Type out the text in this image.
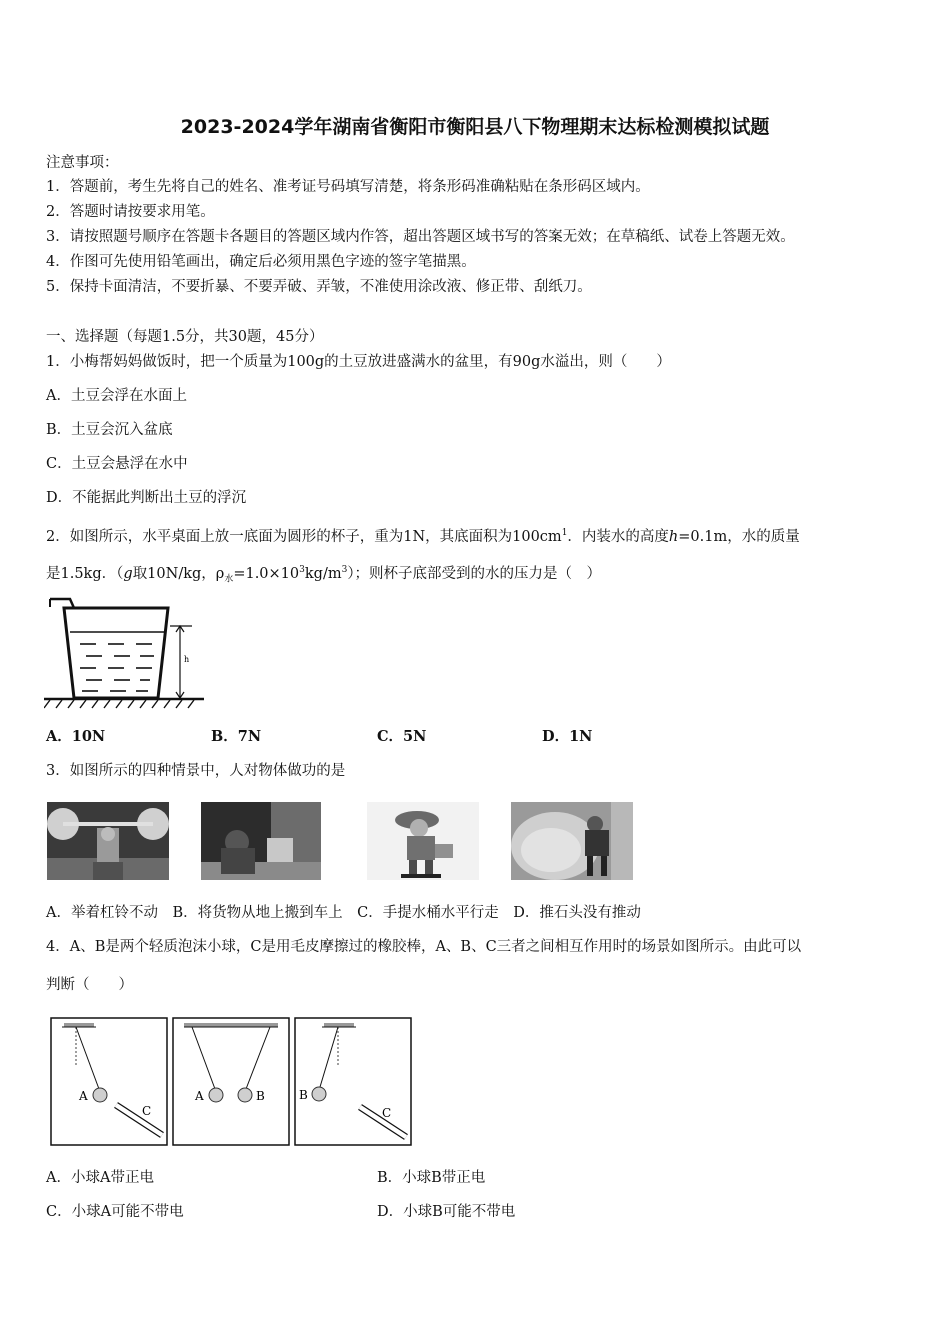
2023-2024学年湖南省衡阳市衡阳县八下物理期末达标检测模拟试题
注意事项：
1．答题前，考生先将自己的姓名、准考证号码填写清楚，将条形码准确粘贴在条形码区域内。
2．答题时请按要求用笔。
3．请按照题号顺序在答题卡各题目的答题区域内作答，超出答题区域书写的答案无效；在草稿纸、试卷上答题无效。
4．作图可先使用铅笔画出，确定后必须用黑色字迹的签字笔描黑。
5．保持卡面清洁，不要折暴、不要弄破、弄皱，不准使用涂改液、修正带、刮纸刀。
一、选择题（每题1.5分，共30题，45分）
1．小梅帮妈妈做饭时，把一个质量为100g的土豆放进盛满水的盆里，有90g水溢出，则（　　）
A．土豆会浮在水面上
B．土豆会沉入盆底
C．土豆会悬浮在水中
D．不能据此判断出土豆的浮沉
2．如图所示，水平桌面上放一底面为圆形的杯子，重为1N，其底面积为$100cm^1$．内装水的高度h=0.1m，水的质量
是1.5kg．（g取10N/kg，$\rho_水=1.0\times 10^3kg/m^3$）；则杯子底部受到的水的压力是（　）
h
A．10N	B．7N	C．5N	D．1N
3．如图所示的四种情景中，人对物体做功的是
A．举着杠铃不动　B．将货物从地上搬到车上　C．手提水桶水平行走　D．推石头没有推动
4．A、B是两个轻质泡沫小球，C是用毛皮摩擦过的橡胶棒，A、B、C三者之间相互作用时的场景如图所示。由此可以
判断（　　）
A
C
A	B	B
C
A．小球A带正电	B．小球B带正电
C．小球A可能不带电	D．小球B可能不带电
